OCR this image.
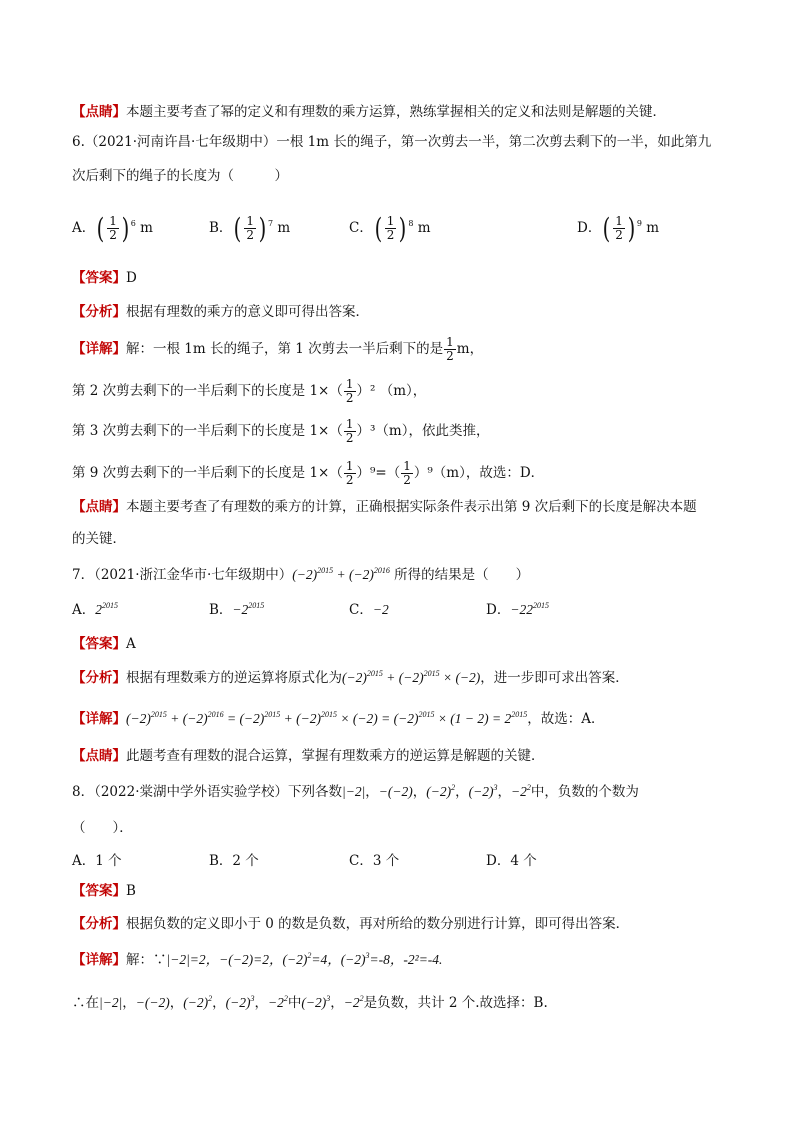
【点睛】本题主要考查了幂的定义和有理数的乘方运算，熟练掌握相关的定义和法则是解题的关键．
6.（2021·河南许昌·七年级期中）一根 1m 长的绳子，第一次剪去一半，第二次剪去剩下的一半，如此第九
次后剩下的绳子的长度为（　　　）
A．( $\frac{1}{2}$ ) $^6$ m	B．( $\frac{1}{2}$ ) $^7$ m	C．( $\frac{1}{2}$ ) $^8$ m	D．( $\frac{1}{2}$ ) $^9$ m
【答案】D
【分析】根据有理数的乘方的意义即可得出答案．
【详解】解：一根 1m 长的绳子，第 1 次剪去一半后剩下的是 $\frac{1}{2}$ m，
第 2 次剪去剩下的一半后剩下的长度是 $1\times( \frac{1}{2} )^2$ （m），
第 3 次剪去剩下的一半后剩下的长度是 $1\times( \frac{1}{2} )^3(m)$，依此类推，
第 9 次剪去剩下的一半后剩下的长度是 $1\times( \frac{1}{2} )^9=( \frac{1}{2} )^9(m)$，故选：D．
【点睛】本题主要考查了有理数的乘方的计算，正确根据实际条件表示出第 9 次后剩下的长度是解决本题
的关键．
7．（2021·浙江金华市·七年级期中）$(-2)^{2015} + (-2)^{2016}$ 所得的结果是（　　）
A．$2^{2015}$	B．$-2^{2015}$	C．−2	D．$-22^{2015}$
【答案】A
【分析】根据有理数乘方的逆运算将原式化为$(-2)^{2015} + (-2)^{2015} \times (-2)$，进一步即可求出答案．
【详解】$(-2)^{2015} + (-2)^{2016} = (-2)^{2015} + (-2)^{2015} \times (-2) = (-2)^{2015} \times (1 - 2) = 2^{2015}$，故选：A．
【点睛】此题考查有理数的混合运算，掌握有理数乘方的逆运算是解题的关键．
8．（2022·棠湖中学外语实验学校）下列各数|−2|，−(−2)，$(-2)^2$，$(-2)^3$，$-2^2$中，负数的个数为
（　　）．
A．1 个	B．2 个	C．3 个	D．4 个
【答案】B
【分析】根据负数的定义即小于 0 的数是负数，再对所给的数分别进行计算，即可得出答案．
【详解】解：∵|−2|=2，−(−2)=2，$(-2)^2=4$，$(-2)^3=-8$，-2²=-4.
∴在|−2|，−(−2)，$(-2)^2$，$(-2)^3$，$-2^2$中$(-2)^3$，$-2^2$是负数，共计 2 个.故选择：B.
